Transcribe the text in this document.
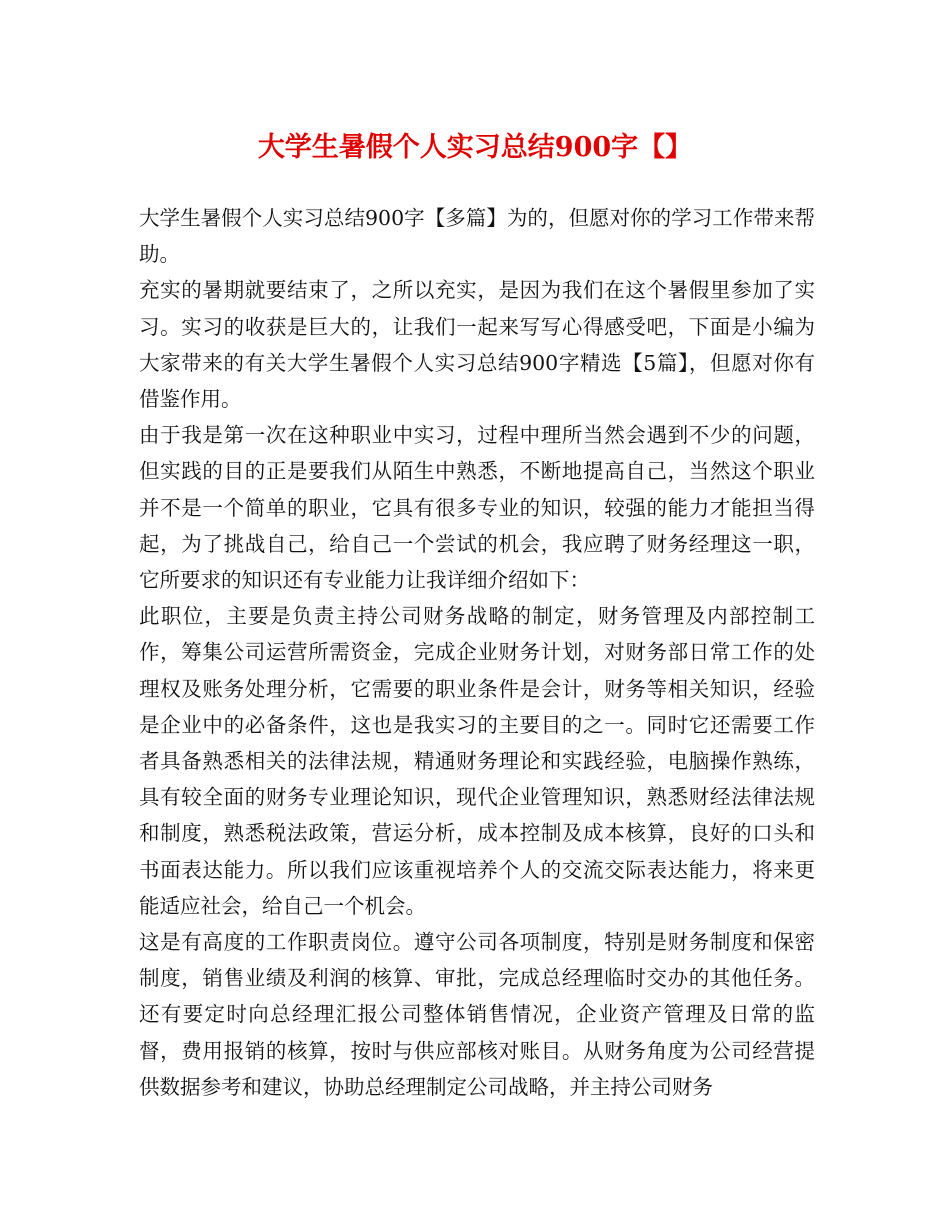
大学生暑假个人实习总结900字【】

大学生暑假个人实习总结900字【多篇】为的，但愿对你的学习工作带来帮助。

充实的暑期就要结束了，之所以充实，是因为我们在这个暑假里参加了实习。实习的收获是巨大的，让我们一起来写写心得感受吧，下面是小编为大家带来的有关大学生暑假个人实习总结900字精选【5篇】，但愿对你有借鉴作用。

由于我是第一次在这种职业中实习，过程中理所当然会遇到不少的问题，但实践的目的正是要我们从陌生中熟悉，不断地提高自己，当然这个职业并不是一个简单的职业，它具有很多专业的知识，较强的能力才能担当得起，为了挑战自己，给自己一个尝试的机会，我应聘了财务经理这一职，它所要求的知识还有专业能力让我详细介绍如下：

此职位，主要是负责主持公司财务战略的制定，财务管理及内部控制工作，筹集公司运营所需资金，完成企业财务计划，对财务部日常工作的处理权及账务处理分析，它需要的职业条件是会计，财务等相关知识，经验是企业中的必备条件，这也是我实习的主要目的之一。同时它还需要工作者具备熟悉相关的法律法规，精通财务理论和实践经验，电脑操作熟练，具有较全面的财务专业理论知识，现代企业管理知识，熟悉财经法律法规和制度，熟悉税法政策，营运分析，成本控制及成本核算，良好的口头和书面表达能力。所以我们应该重视培养个人的交流交际表达能力，将来更能适应社会，给自己一个机会。

这是有高度的工作职责岗位。遵守公司各项制度，特别是财务制度和保密制度，销售业绩及利润的核算、审批，完成总经理临时交办的其他任务。还有要定时向总经理汇报公司整体销售情况，企业资产管理及日常的监督，费用报销的核算，按时与供应部核对账目。从财务角度为公司经营提供数据参考和建议，协助总经理制定公司战略，并主持公司财务
